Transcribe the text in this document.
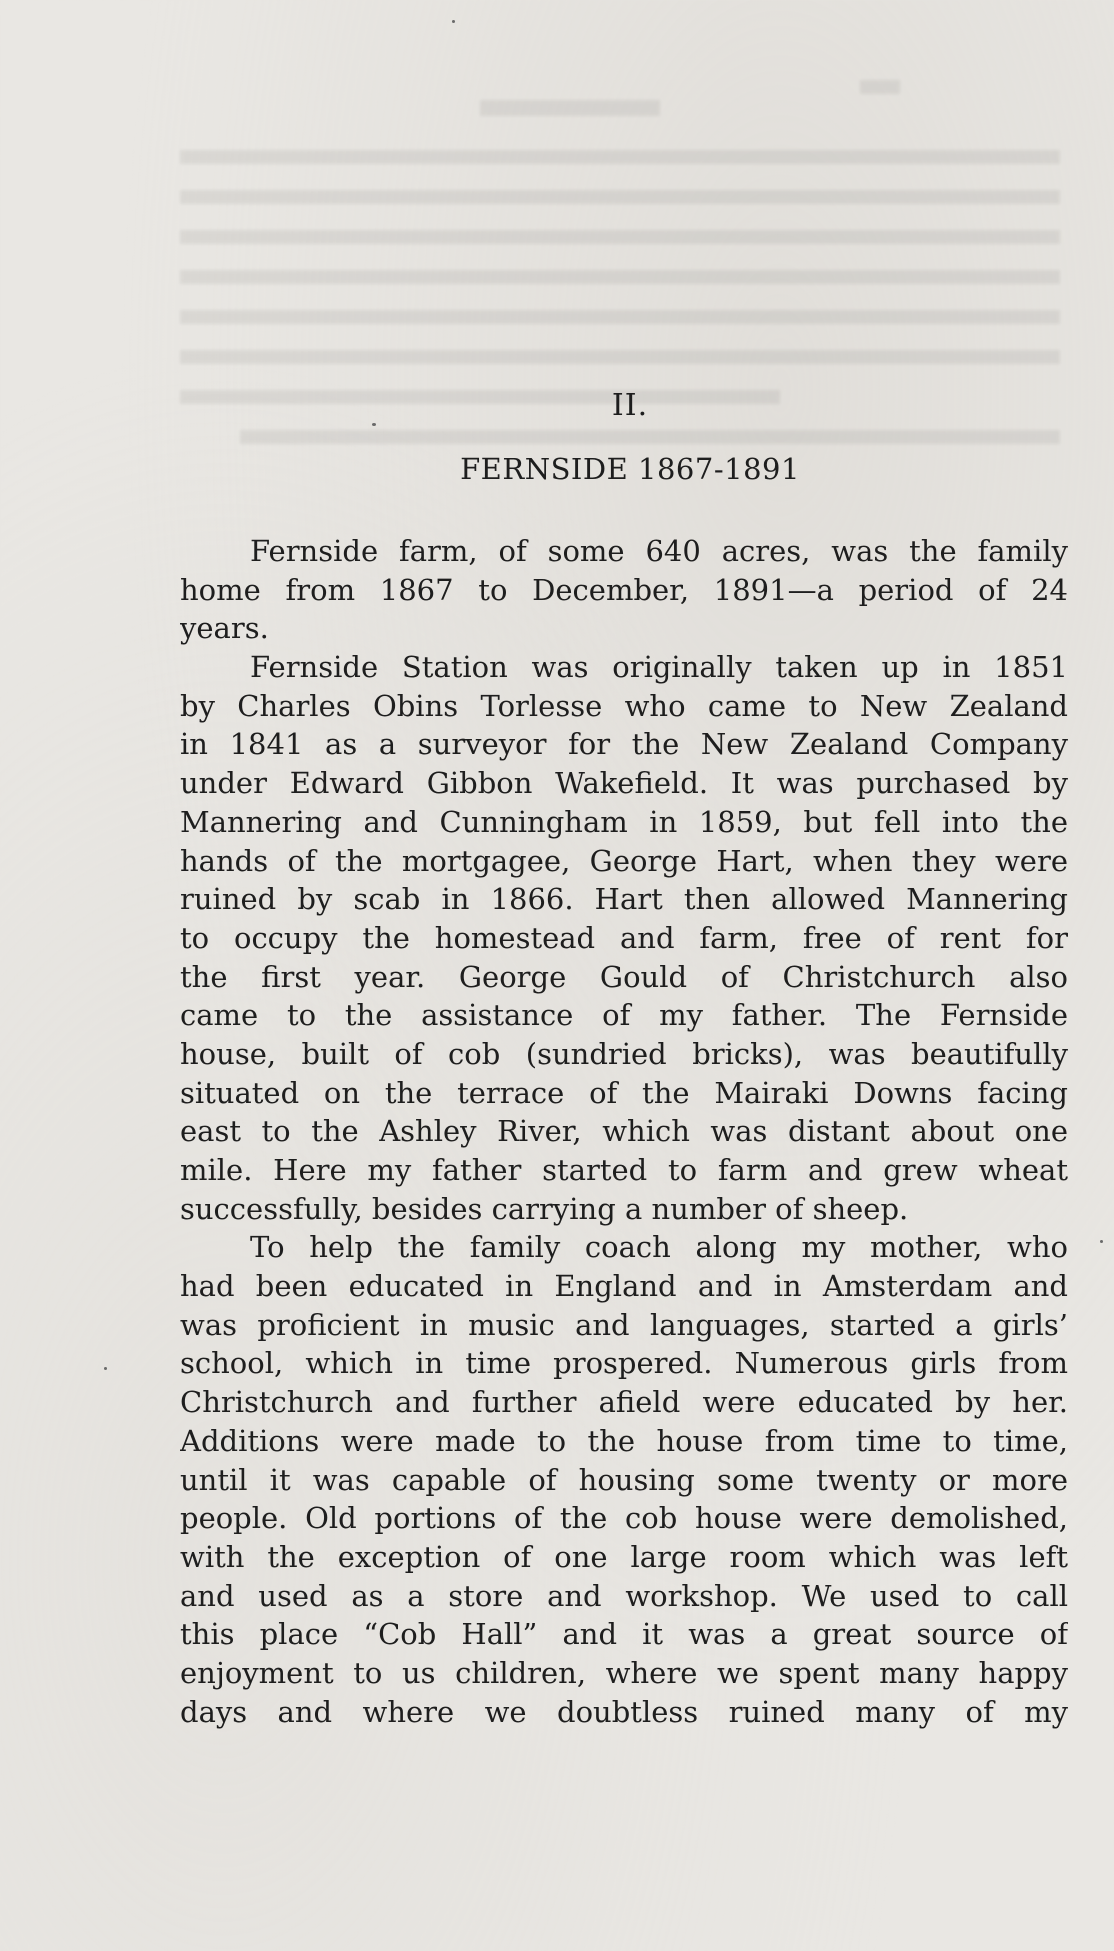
II.
FERNSIDE 1867-1891
Fernside farm, of some 640 acres, was the family
home from 1867 to December, 1891—a period of 24
years.
Fernside Station was originally taken up in 1851
by Charles Obins Torlesse who came to New Zealand
in 1841 as a surveyor for the New Zealand Company
under Edward Gibbon Wakefield. It was purchased by
Mannering and Cunningham in 1859, but fell into the
hands of the mortgagee, George Hart, when they were
ruined by scab in 1866. Hart then allowed Mannering
to occupy the homestead and farm, free of rent for
the first year. George Gould of Christchurch also
came to the assistance of my father. The Fernside
house, built of cob (sundried bricks), was beautifully
situated on the terrace of the Mairaki Downs facing
east to the Ashley River, which was distant about one
mile. Here my father started to farm and grew wheat
successfully, besides carrying a number of sheep.
To help the family coach along my mother, who
had been educated in England and in Amsterdam and
was proficient in music and languages, started a girls’
school, which in time prospered. Numerous girls from
Christchurch and further afield were educated by her.
Additions were made to the house from time to time,
until it was capable of housing some twenty or more
people. Old portions of the cob house were demolished,
with the exception of one large room which was left
and used as a store and workshop. We used to call
this place “Cob Hall” and it was a great source of
enjoyment to us children, where we spent many happy
days and where we doubtless ruined many of my
